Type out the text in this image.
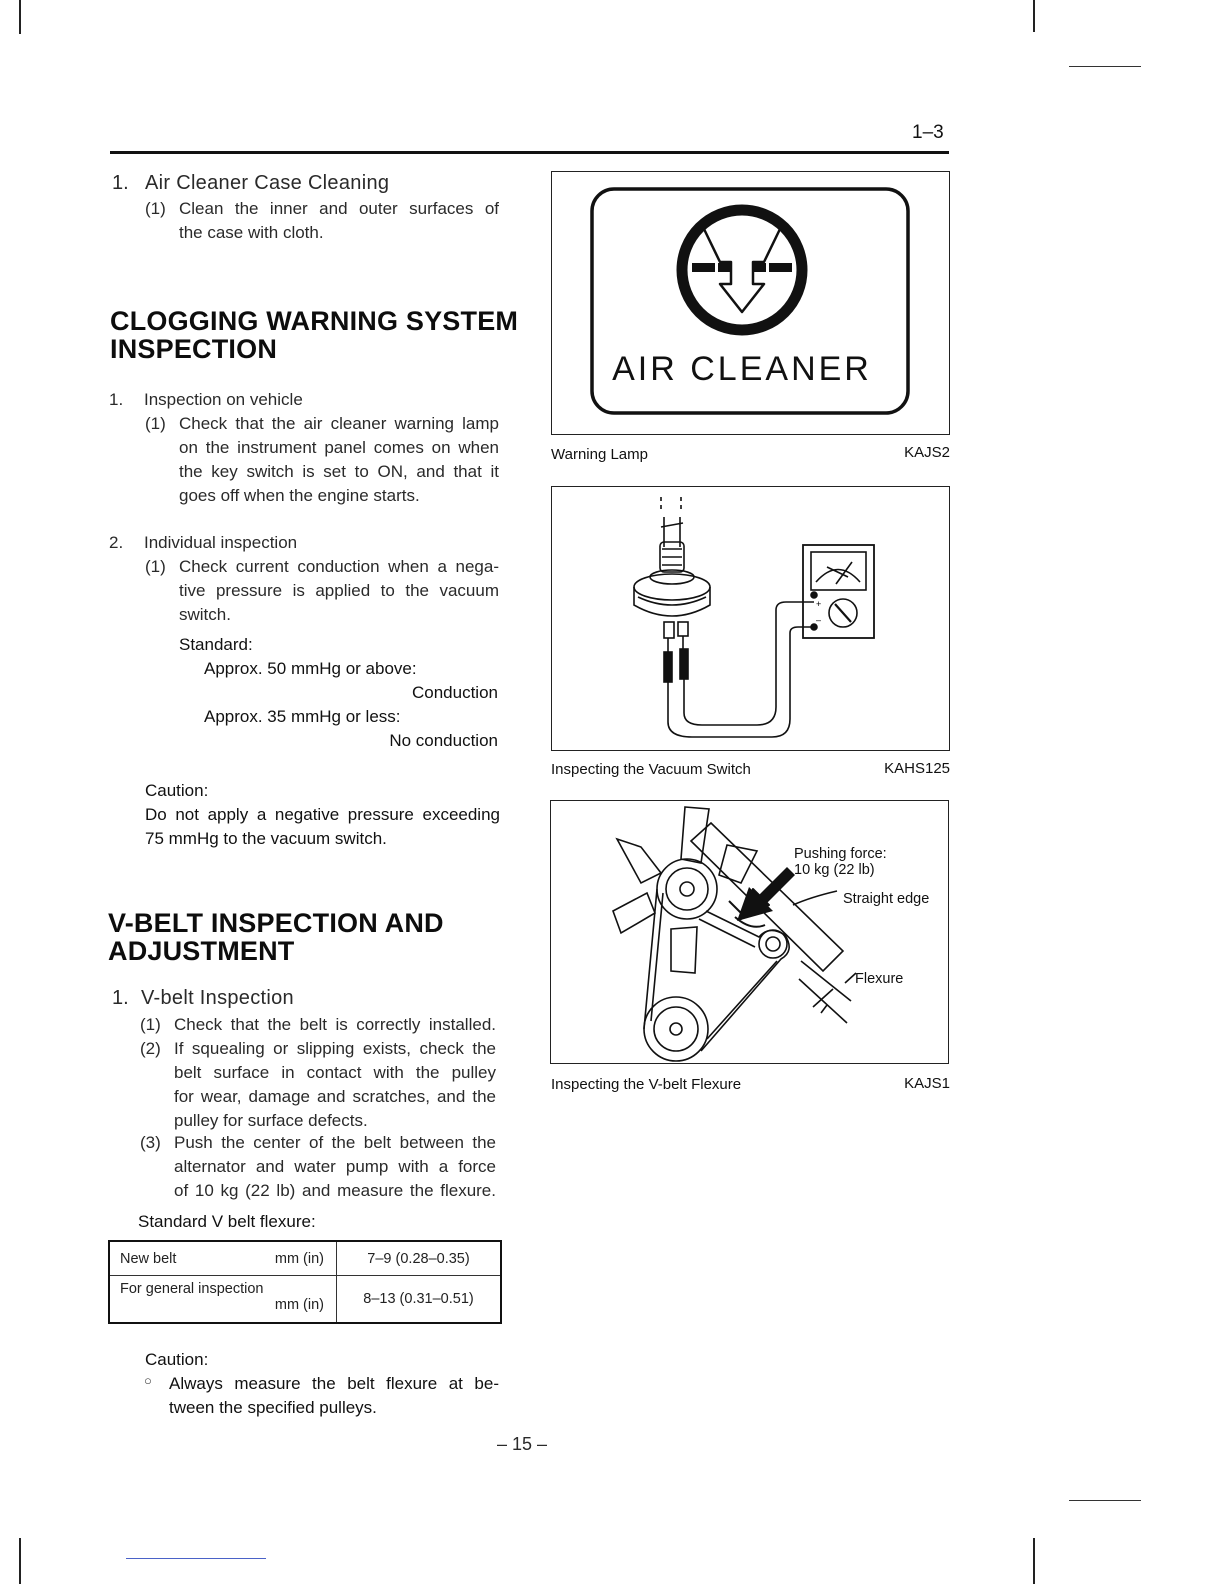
1–3
1. Air Cleaner Case Cleaning
(1) Clean the inner and outer surfaces of
the case with cloth.
CLOGGING WARNING SYSTEM
INSPECTION
1. Inspection on vehicle
(1) Check that the air cleaner warning lamp
on the instrument panel comes on when
the key switch is set to ON, and that it
goes off when the engine starts.
2. Individual inspection
(1) Check current conduction when a nega-
tive pressure is applied to the vacuum
switch.
Standard:
Approx. 50 mmHg or above:
Conduction
Approx. 35 mmHg or less:
No conduction
Caution:
Do not apply a negative pressure exceeding
75 mmHg to the vacuum switch.
V-BELT INSPECTION AND
ADJUSTMENT
1. V-belt Inspection
(1) Check that the belt is correctly installed.
(2) If squealing or slipping exists, check the
belt surface in contact with the pulley
for wear, damage and scratches, and the
pulley for surface defects.
(3) Push the center of the belt between the
alternator and water pump with a force
of 10 kg (22 lb) and measure the flexure.
Standard V belt flexure:
New belt mm (in)	7–9 (0.28–0.35)

For general inspection
mm (in)	8–13 (0.31–0.51)
Caution:
○ Always measure the belt flexure at be-
tween the specified pulleys.
– 15 –
AIR CLEANER
Warning Lamp	KAJS2
+
–
Inspecting the Vacuum Switch	KAHS125
Pushing force:
10 kg (22 lb)
Straight edge
Flexure
Inspecting the V-belt Flexure	KAJS1
